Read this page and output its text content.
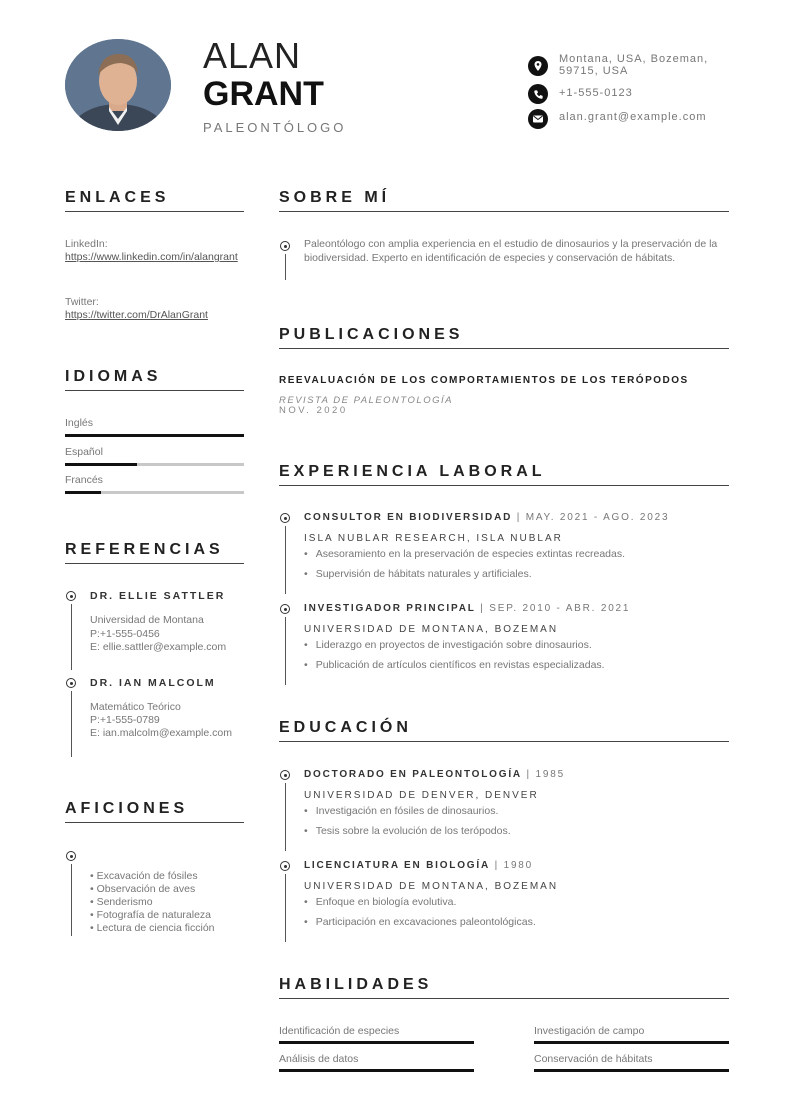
ALAN
GRANT
PALEONTÓLOGO
Montana, USA, Bozeman, 59715, USA
+1-555-0123
alan.grant@example.com
ENLACES
LinkedIn:
https://www.linkedin.com/in/alangrant
Twitter:
https://twitter.com/DrAlanGrant
IDIOMAS
Inglés
Español
Francés
REFERENCIAS
DR. ELLIE SATTLER
Universidad de Montana
P:+1-555-0456
E: ellie.sattler@example.com
DR. IAN MALCOLM
Matemático Teórico
P:+1-555-0789
E: ian.malcolm@example.com
AFICIONES
• Excavación de fósiles
• Observación de aves
• Senderismo
• Fotografía de naturaleza
• Lectura de ciencia ficción
SOBRE MÍ
Paleontólogo con amplia experiencia en el estudio de dinosaurios y la preservación de la biodiversidad. Experto en identificación de especies y conservación de hábitats.
PUBLICACIONES
REEVALUACIÓN DE LOS COMPORTAMIENTOS DE LOS TERÓPODOS
REVISTA DE PALEONTOLOGÍA
NOV. 2020
EXPERIENCIA LABORAL
CONSULTOR EN BIODIVERSIDAD | MAY. 2021 - AGO. 2023
ISLA NUBLAR RESEARCH, ISLA NUBLAR
• Asesoramiento en la preservación de especies extintas recreadas.
• Supervisión de hábitats naturales y artificiales.
INVESTIGADOR PRINCIPAL | SEP. 2010 - ABR. 2021
UNIVERSIDAD DE MONTANA, BOZEMAN
• Liderazgo en proyectos de investigación sobre dinosaurios.
• Publicación de artículos científicos en revistas especializadas.
EDUCACIÓN
DOCTORADO EN PALEONTOLOGÍA | 1985
UNIVERSIDAD DE DENVER, DENVER
• Investigación en fósiles de dinosaurios.
• Tesis sobre la evolución de los terópodos.
LICENCIATURA EN BIOLOGÍA | 1980
UNIVERSIDAD DE MONTANA, BOZEMAN
• Enfoque en biología evolutiva.
• Participación en excavaciones paleontológicas.
HABILIDADES
Identificación de especies	Investigación de campo
Análisis de datos	Conservación de hábitats
